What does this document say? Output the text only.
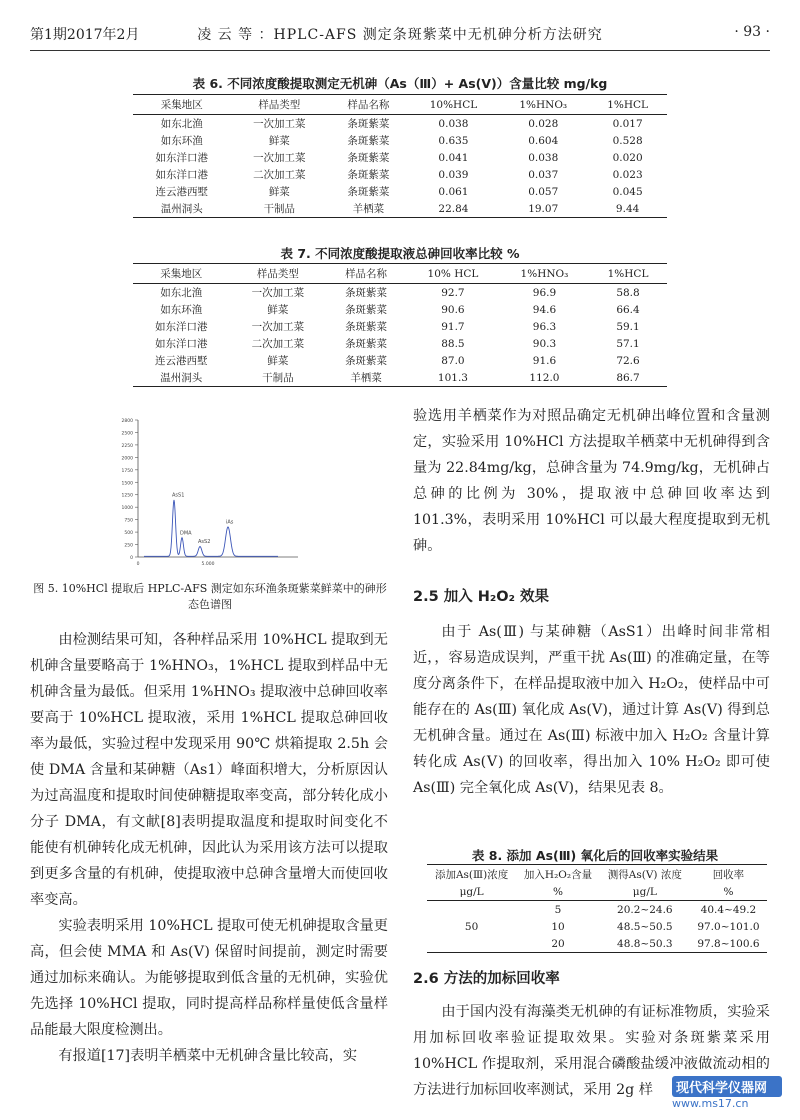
第1期2017年2月	凌 云 等 ：HPLC-AFS 测定条斑紫菜中无机砷分析方法研究	· 93 ·
表 6. 不同浓度酸提取测定无机砷（As（Ⅲ）+ As(Ⅴ)）含量比较 mg/kg
采集地区	样品类型	样品名称	10%HCL	1%HNO₃	1%HCL
如东北渔	一次加工菜	条斑紫菜	0.038	0.028	0.017
如东环渔	鲜菜	条斑紫菜	0.635	0.604	0.528
如东洋口港	一次加工菜	条斑紫菜	0.041	0.038	0.020
如东洋口港	二次加工菜	条斑紫菜	0.039	0.037	0.023
连云港西墅	鲜菜	条斑紫菜	0.061	0.057	0.045
温州洞头	干制品	羊栖菜	22.84	19.07	9.44
表 7. 不同浓度酸提取液总砷回收率比较 %
采集地区	样品类型	样品名称	10% HCL	1%HNO₃	1%HCL
如东北渔	一次加工菜	条斑紫菜	92.7	96.9	58.8
如东环渔	鲜菜	条斑紫菜	90.6	94.6	66.4
如东洋口港	一次加工菜	条斑紫菜	91.7	96.3	59.1
如东洋口港	二次加工菜	条斑紫菜	88.5	90.3	57.1
连云港西墅	鲜菜	条斑紫菜	87.0	91.6	72.6
温州洞头	干制品	羊栖菜	101.3	112.0	86.7
2800
2500
2250
2000
1750
1500
1250
1000
750
500
250
0
0	5.000
AsS1
DMA
AsS2
iAs
图 5. 10%HCl 提取后 HPLC-AFS 测定如东环渔条斑紫菜鲜菜中的砷形态色谱图

由检测结果可知，各种样品采用 10%HCL 提取到无机砷含量要略高于 1%HNO₃，1%HCL 提取到样品中无机砷含量为最低。但采用 1%HNO₃ 提取液中总砷回收率要高于 10%HCL 提取液，采用 1%HCL 提取总砷回收率为最低，实验过程中发现采用 90℃ 烘箱提取 2.5h 会使 DMA 含量和某砷糖（As1）峰面积增大，分析原因认为过高温度和提取时间使砷糖提取率变高，部分转化成小分子 DMA，有文献[8]表明提取温度和提取时间变化不能使有机砷转化成无机砷，因此认为采用该方法可以提取到更多含量的有机砷，使提取液中总砷含量增大而使回收率变高。

实验表明采用 10%HCL 提取可使无机砷提取含量更高，但会使 MMA 和 As(Ⅴ) 保留时间提前，测定时需要通过加标来确认。为能够提取到低含量的无机砷，实验优先选择 10%HCl 提取，同时提高样品称样量使低含量样品能最大限度检测出。

有报道[17]表明羊栖菜中无机砷含量比较高，实

验选用羊栖菜作为对照品确定无机砷出峰位置和含量测定，实验采用 10%HCl 方法提取羊栖菜中无机砷得到含量为 22.84mg/kg，总砷含量为 74.9mg/kg，无机砷占总砷的比例为 30%，提取液中总砷回收率达到 101.3%，表明采用 10%HCl 可以最大程度提取到无机砷。

2.5 加入 H₂O₂ 效果

由于 As(Ⅲ) 与某砷糖（AsS1）出峰时间非常相近，，容易造成误判，严重干扰 As(Ⅲ) 的准确定量，在等度分离条件下，在样品提取液中加入 H₂O₂，使样品中可能存在的 As(Ⅲ) 氧化成 As(Ⅴ)，通过计算 As(Ⅴ) 得到总无机砷含量。通过在 As(Ⅲ) 标液中加入 H₂O₂ 含量计算转化成 As(Ⅴ) 的回收率，得出加入 10% H₂O₂ 即可使 As(Ⅲ) 完全氧化成 As(Ⅴ)，结果见表 8。

表 8. 添加 As(Ⅲ) 氧化后的回收率实验结果
添加As(Ⅲ)浓度	加入H₂O₂含量	测得As(Ⅴ) 浓度	回收率
μg/L	%	μg/L	%
	5	20.2~24.6	40.4~49.2
50	10	48.5~50.5	97.0~101.0
	20	48.8~50.3	97.8~100.6
2.6 方法的加标回收率

由于国内没有海藻类无机砷的有证标准物质，实验采用加标回收率验证提取效果。实验对条斑紫菜采用 10%HCL 作提取剂，采用混合磷酸盐缓冲液做流动相的方法进行加标回收率测试，采用 2g 样	现代科学仪器网
www.ms17.cn
